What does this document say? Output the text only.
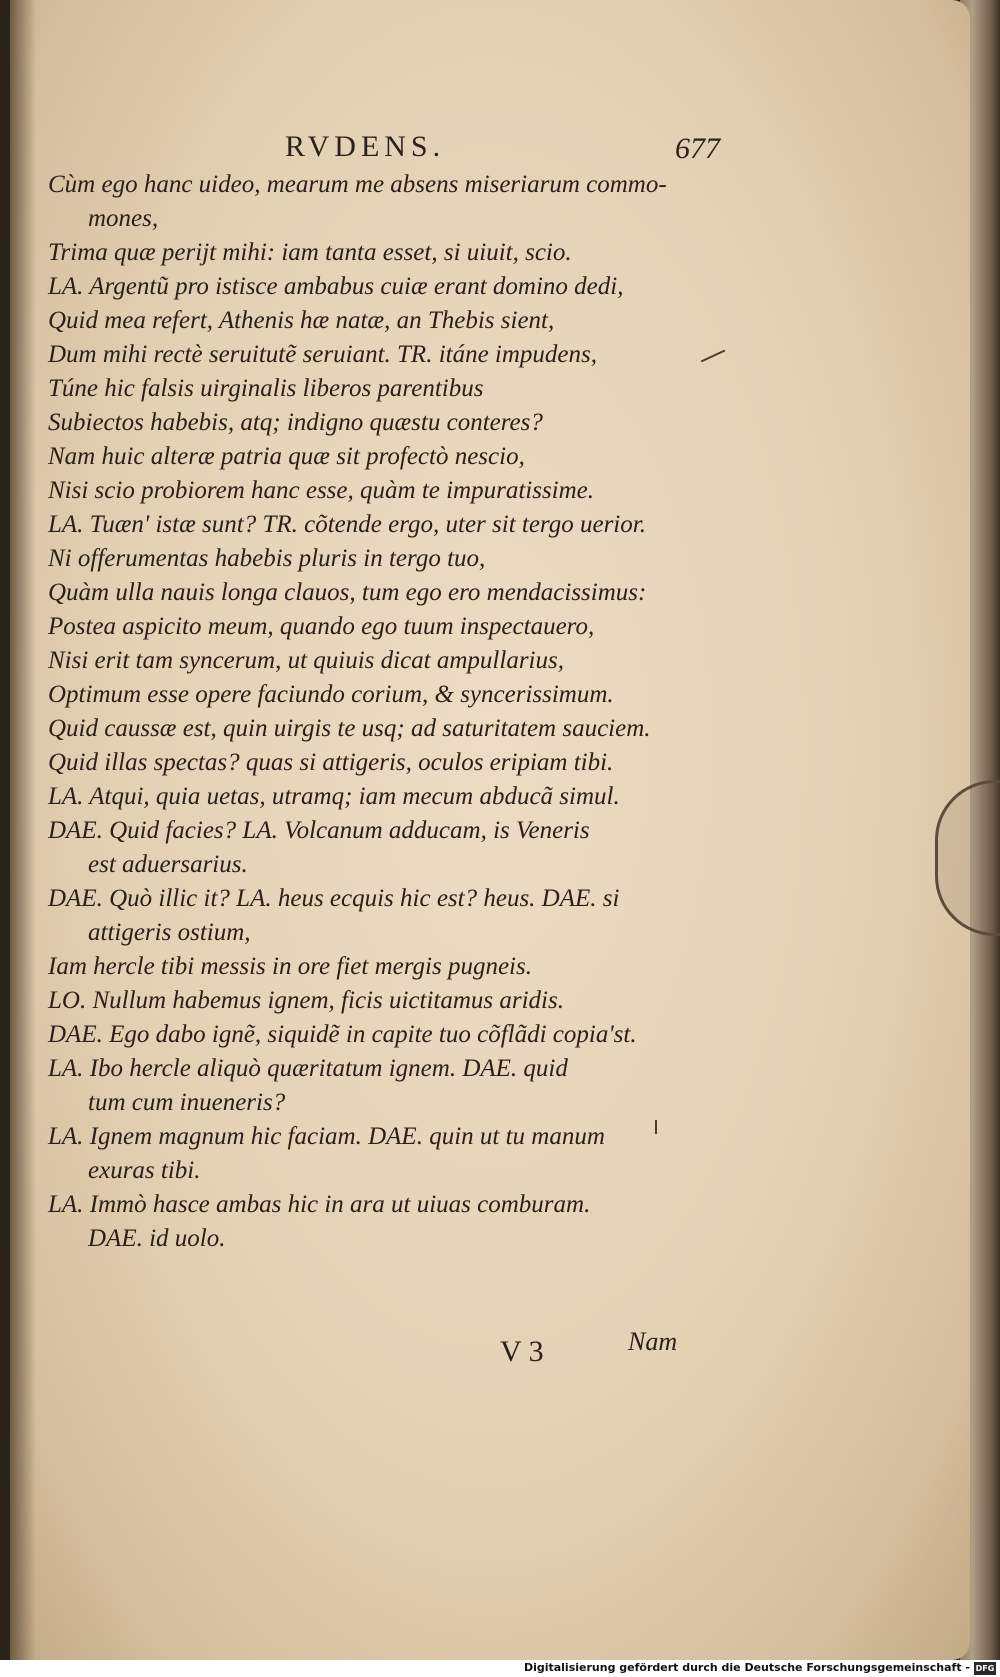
RVDENS.	677
Cùm ego hanc uideo, mearum me absens miseriarum commo-
mones,
Trima quæ perijt mihi: iam tanta esset, si uiuit, scio.
LA. Argentũ pro istisce ambabus cuiæ erant domino dedi,
Quid mea refert, Athenis hæ natæ, an Thebis sient,
Dum mihi rectè seruitutẽ seruiant. TR. itáne impudens,
Túne hic falsis uirginalis liberos parentibus
Subiectos habebis, atq; indigno quæstu conteres?
Nam huic alteræ patria quæ sit profectò nescio,
Nisi scio probiorem hanc esse, quàm te impuratissime.
LA. Tuæn' istæ sunt? TR. cõtende ergo, uter sit tergo uerior.
Ni offerumentas habebis pluris in tergo tuo,
Quàm ulla nauis longa clauos, tum ego ero mendacissimus:
Postea aspicito meum, quando ego tuum inspectauero,
Nisi erit tam syncerum, ut quiuis dicat ampullarius,
Optimum esse opere faciundo corium, & syncerissimum.
Quid caussæ est, quin uirgis te usq; ad saturitatem sauciem.
Quid illas spectas? quas si attigeris, oculos eripiam tibi.
LA. Atqui, quia uetas, utramq; iam mecum abducã simul.
DAE. Quid facies? LA. Volcanum adducam, is Veneris
est aduersarius.
DAE. Quò illic it? LA. heus ecquis hic est? heus. DAE. si
attigeris ostium,
Iam hercle tibi messis in ore fiet mergis pugneis.
LO. Nullum habemus ignem, ficis uictitamus aridis.
DAE. Ego dabo ignẽ, siquidẽ in capite tuo cõflãdi copia'st.
LA. Ibo hercle aliquò quæritatum ignem. DAE. quid
tum cum inueneris?
LA. Ignem magnum hic faciam. DAE. quin ut tu manum
exuras tibi.
LA. Immò hasce ambas hic in ara ut uiuas comburam.
DAE. id uolo.
V 3	Nam
Digitalisierung gefördert durch die Deutsche Forschungsgemeinschaft - DFG
